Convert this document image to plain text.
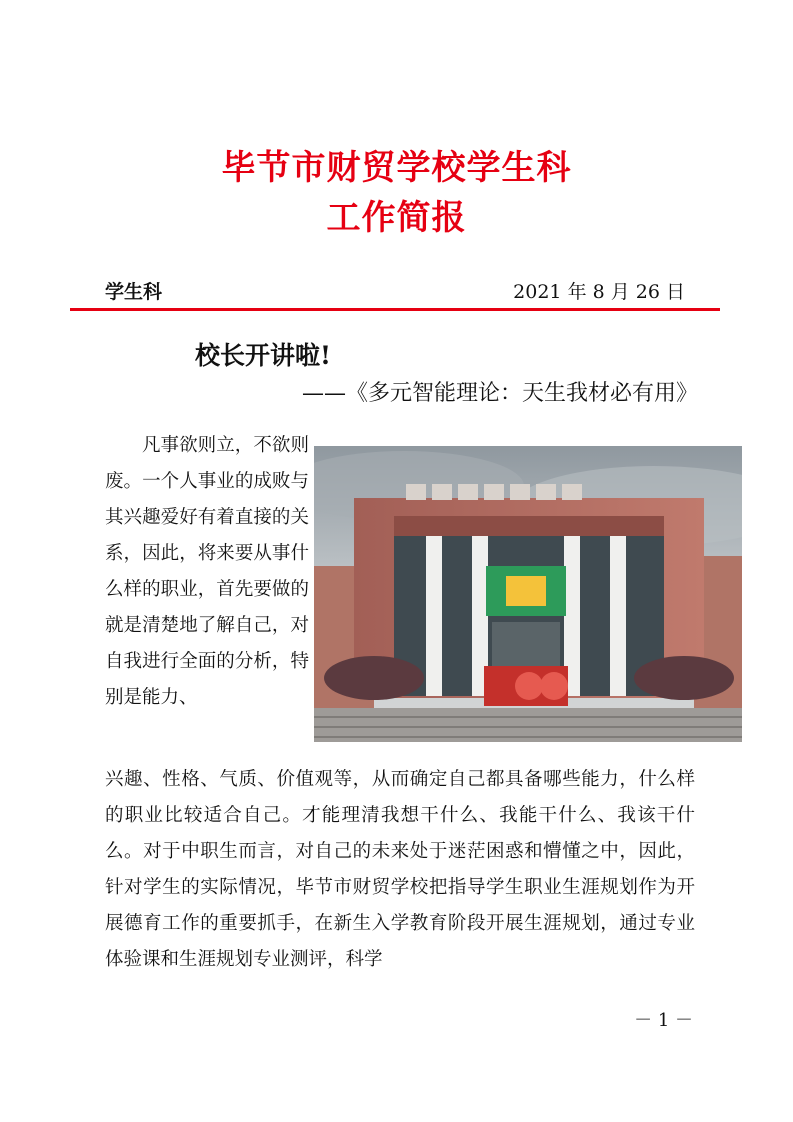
毕节市财贸学校学生科
工作简报
学生科	2021 年 8 月 26 日
校长开讲啦!
——《多元智能理论：天生我材必有用》

凡事欲则立，不欲则废。一个人事业的成败与其兴趣爱好有着直接的关系，因此，将来要从事什么样的职业，首先要做的就是清楚地了解自己，对自我进行全面的分析，特别是能力、

兴趣、性格、气质、价值观等，从而确定自己都具备哪些能力，什么样的职业比较适合自己。才能理清我想干什么、我能干什么、我该干什么。对于中职生而言，对自己的未来处于迷茫困惑和懵懂之中，因此，针对学生的实际情况，毕节市财贸学校把指导学生职业生涯规划作为开展德育工作的重要抓手，在新生入学教育阶段开展生涯规划，通过专业体验课和生涯规划专业测评，科学

－ 1 －
